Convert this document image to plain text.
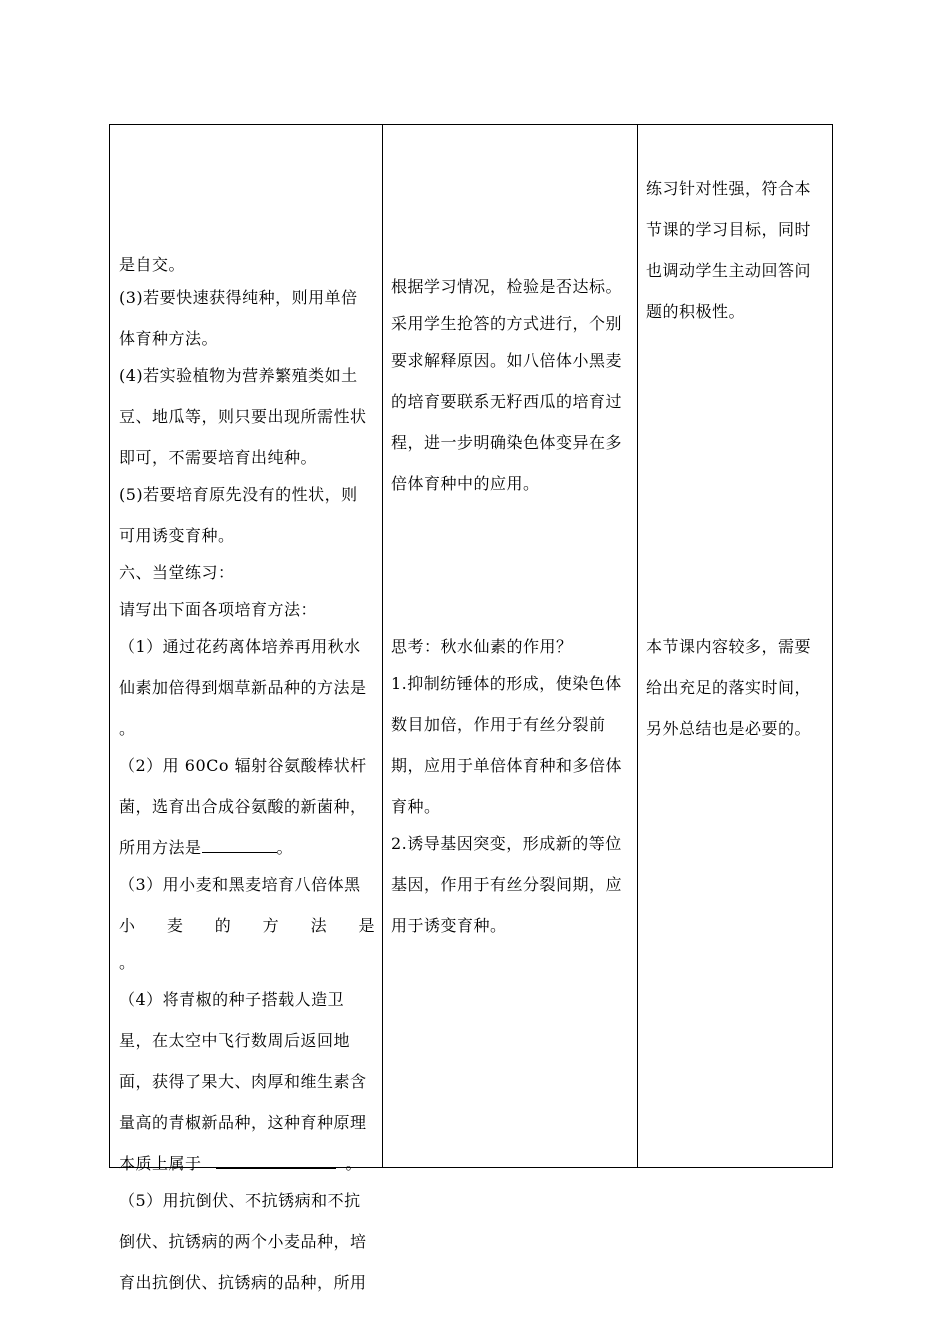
是自交。
(3)若要快速获得纯种，则用单倍
体育种方法。
(4)若实验植物为营养繁殖类如土
豆、地瓜等，则只要出现所需性状
即可，不需要培育出纯种。
(5)若要培育原先没有的性状，则
可用诱变育种。
六、当堂练习：
请写出下面各项培育方法：
（1）通过花药离体培养再用秋水
仙素加倍得到烟草新品种的方法是
。
（2）用 60Co 辐射谷氨酸棒状杆
菌，选育出合成谷氨酸的新菌种，
所用方法是	。
（3）用小麦和黑麦培育八倍体黑
小 麦 的 方 法 是
。
（4）将青椒的种子搭载人造卫
星，在太空中飞行数周后返回地
面，获得了果大、肉厚和维生素含
量高的青椒新品种，这种育种原理
本质上属于	。
（5）用抗倒伏、不抗锈病和不抗
倒伏、抗锈病的两个小麦品种，培
育出抗倒伏、抗锈病的品种，所用
根据学习情况，检验是否达标。
采用学生抢答的方式进行，个别
要求解释原因。如八倍体小黑麦
的培育要联系无籽西瓜的培育过
程，进一步明确染色体变异在多
倍体育种中的应用。
思考：秋水仙素的作用？
1.抑制纺锤体的形成，使染色体
数目加倍，作用于有丝分裂前
期，应用于单倍体育种和多倍体
育种。
2.诱导基因突变，形成新的等位
基因，作用于有丝分裂间期，应
用于诱变育种。
练习针对性强，符合本
节课的学习目标，同时
也调动学生主动回答问
题的积极性。
本节课内容较多，需要
给出充足的落实时间，
另外总结也是必要的。
